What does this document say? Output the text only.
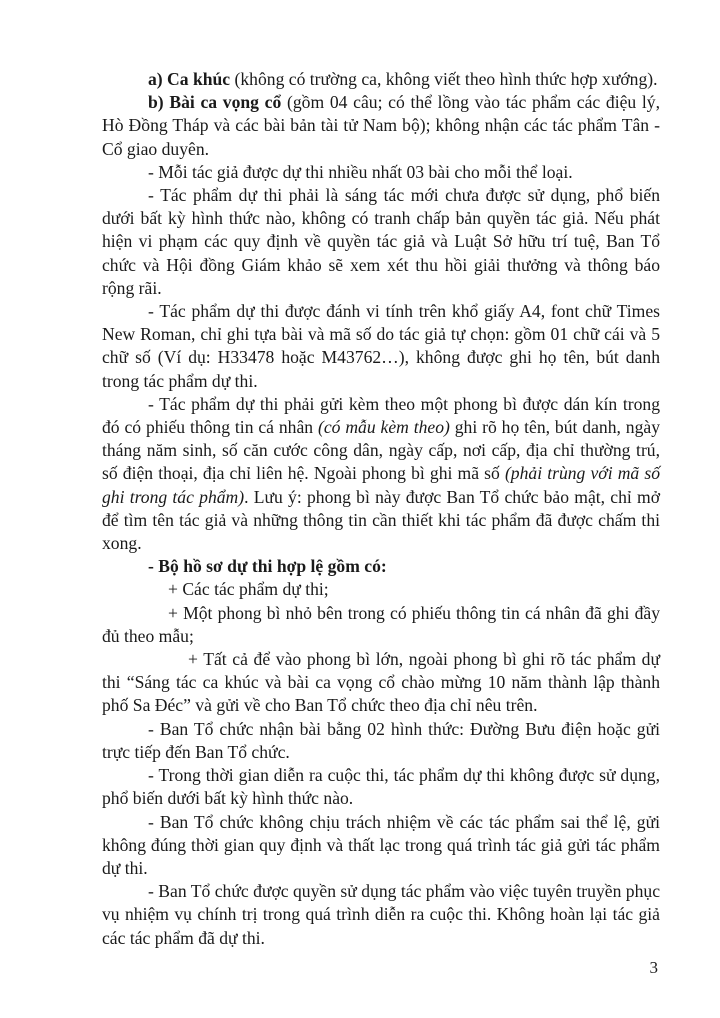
a) Ca khúc (không có trường ca, không viết theo hình thức hợp xướng).

b) Bài ca vọng cổ (gồm 04 câu; có thể lồng vào tác phẩm các điệu lý, Hò Đồng Tháp và các bài bản tài tử Nam bộ); không nhận các tác phẩm Tân - Cổ giao duyên.

- Mỗi tác giả được dự thi nhiều nhất 03 bài cho mỗi thể loại.

- Tác phẩm dự thi phải là sáng tác mới chưa được sử dụng, phổ biến dưới bất kỳ hình thức nào, không có tranh chấp bản quyền tác giả. Nếu phát hiện vi phạm các quy định về quyền tác giả và Luật Sở hữu trí tuệ, Ban Tổ chức và Hội đồng Giám khảo sẽ xem xét thu hồi giải thưởng và thông báo rộng rãi.

- Tác phẩm dự thi được đánh vi tính trên khổ giấy A4, font chữ Times New Roman, chỉ ghi tựa bài và mã số do tác giả tự chọn: gồm 01 chữ cái và 5 chữ số (Ví dụ: H33478 hoặc M43762…), không được ghi họ tên, bút danh trong tác phẩm dự thi.

- Tác phẩm dự thi phải gửi kèm theo một phong bì được dán kín trong đó có phiếu thông tin cá nhân (có mẫu kèm theo) ghi rõ họ tên, bút danh, ngày tháng năm sinh, số căn cước công dân, ngày cấp, nơi cấp, địa chỉ thường trú, số điện thoại, địa chỉ liên hệ. Ngoài phong bì ghi mã số (phải trùng với mã số ghi trong tác phẩm). Lưu ý: phong bì này được Ban Tổ chức bảo mật, chỉ mở để tìm tên tác giả và những thông tin cần thiết khi tác phẩm đã được chấm thi xong.

- Bộ hồ sơ dự thi hợp lệ gồm có:

+ Các tác phẩm dự thi;

+ Một phong bì nhỏ bên trong có phiếu thông tin cá nhân đã ghi đầy đủ theo mẫu;

+ Tất cả để vào phong bì lớn, ngoài phong bì ghi rõ tác phẩm dự thi “Sáng tác ca khúc và bài ca vọng cổ chào mừng 10 năm thành lập thành phố Sa Đéc” và gửi về cho Ban Tổ chức theo địa chỉ nêu trên.

- Ban Tổ chức nhận bài bằng 02 hình thức: Đường Bưu điện hoặc gửi trực tiếp đến Ban Tổ chức.

- Trong thời gian diễn ra cuộc thi, tác phẩm dự thi không được sử dụng, phổ biến dưới bất kỳ hình thức nào.

- Ban Tổ chức không chịu trách nhiệm về các tác phẩm sai thể lệ, gửi không đúng thời gian quy định và thất lạc trong quá trình tác giả gửi tác phẩm dự thi.

- Ban Tổ chức được quyền sử dụng tác phẩm vào việc tuyên truyền phục vụ nhiệm vụ chính trị trong quá trình diễn ra cuộc thi. Không hoàn lại tác giả các tác phẩm đã dự thi.

3
